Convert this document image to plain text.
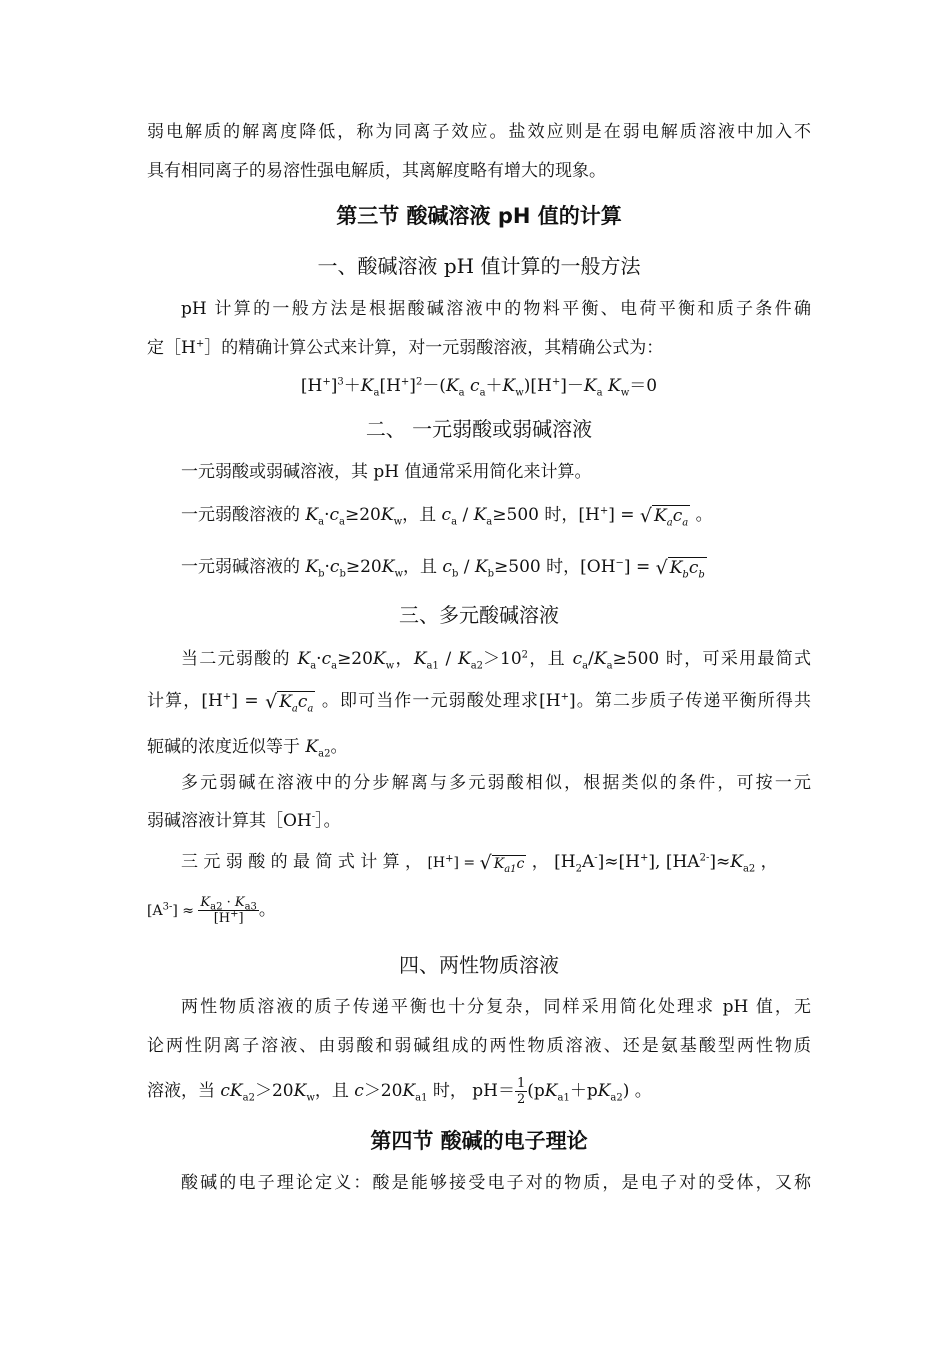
弱电解质的解离度降低，称为同离子效应。盐效应则是在弱电解质溶液中加入不
具有相同离子的易溶性强电解质，其离解度略有增大的现象。
第三节 酸碱溶液 pH 值的计算
一、酸碱溶液 pH 值计算的一般方法
pH 计算的一般方法是根据酸碱溶液中的物料平衡、电荷平衡和质子条件确
定［H+］的精确计算公式来计算，对一元弱酸溶液，其精确公式为：
$[H^+]^3+K_a[H^+]^2-(K_a$ $c_a+K_w)[H^+]-K_a$ $K_w=0$
二、 一元弱酸或弱碱溶液
一元弱酸或弱碱溶液，其 pH 值通常采用简化来计算。
一元弱酸溶液的 $K_a\cdot c_a\ge 20K_w$，且 $c_a$ ∕ $K_a\ge 500$ 时，[H+] = √ $K_ac_a$ 。
一元弱碱溶液的 $K_b\cdot c_b\ge 20K_w$，且 $c_b$ ∕ $K_b\ge 500$ 时，[OH−] = √ $K_bc_b$
三、多元酸碱溶液
当二元弱酸的 $K_a\cdot c_a\ge 20K_w$，$K_{a1}$ ∕ $K_{a2}>10^2$，且 $c_a/K_a\ge 500$ 时，可采用最简式
计算，[H+] = √ $K_ac_a$ 。即可当作一元弱酸处理求[H+]。第二步质子传递平衡所得共
轭碱的浓度近似等于 $K_{a2}$。
多元弱碱在溶液中的分步解离与多元弱酸相似，根据类似的条件，可按一元
弱碱溶液计算其［OH-］。
三 元 弱 酸 的 最 简 式 计 算 ， [H+] = √ $K_{a1}c$ ， $[H_2A^-]\approx[H^+]$, $[HA^{2-}]\approx K_{a2}$ ，
$[A^{3-}] \approx \frac{K_{a2} \cdot K_{a3}}{[H^+]}$ 。
四、两性物质溶液
两性物质溶液的质子传递平衡也十分复杂，同样采用简化处理求 pH 值，无
论两性阴离子溶液、由弱酸和弱碱组成的两性物质溶液、还是氨基酸型两性物质
溶液，当 $cK_{a2}>20K_w$，且 $c>20K_{a1}$ 时， $pH= \frac{1}{2} (pK_{a1}+pK_{a2})$ 。
第四节 酸碱的电子理论
酸碱的电子理论定义：酸是能够接受电子对的物质，是电子对的受体，又称
